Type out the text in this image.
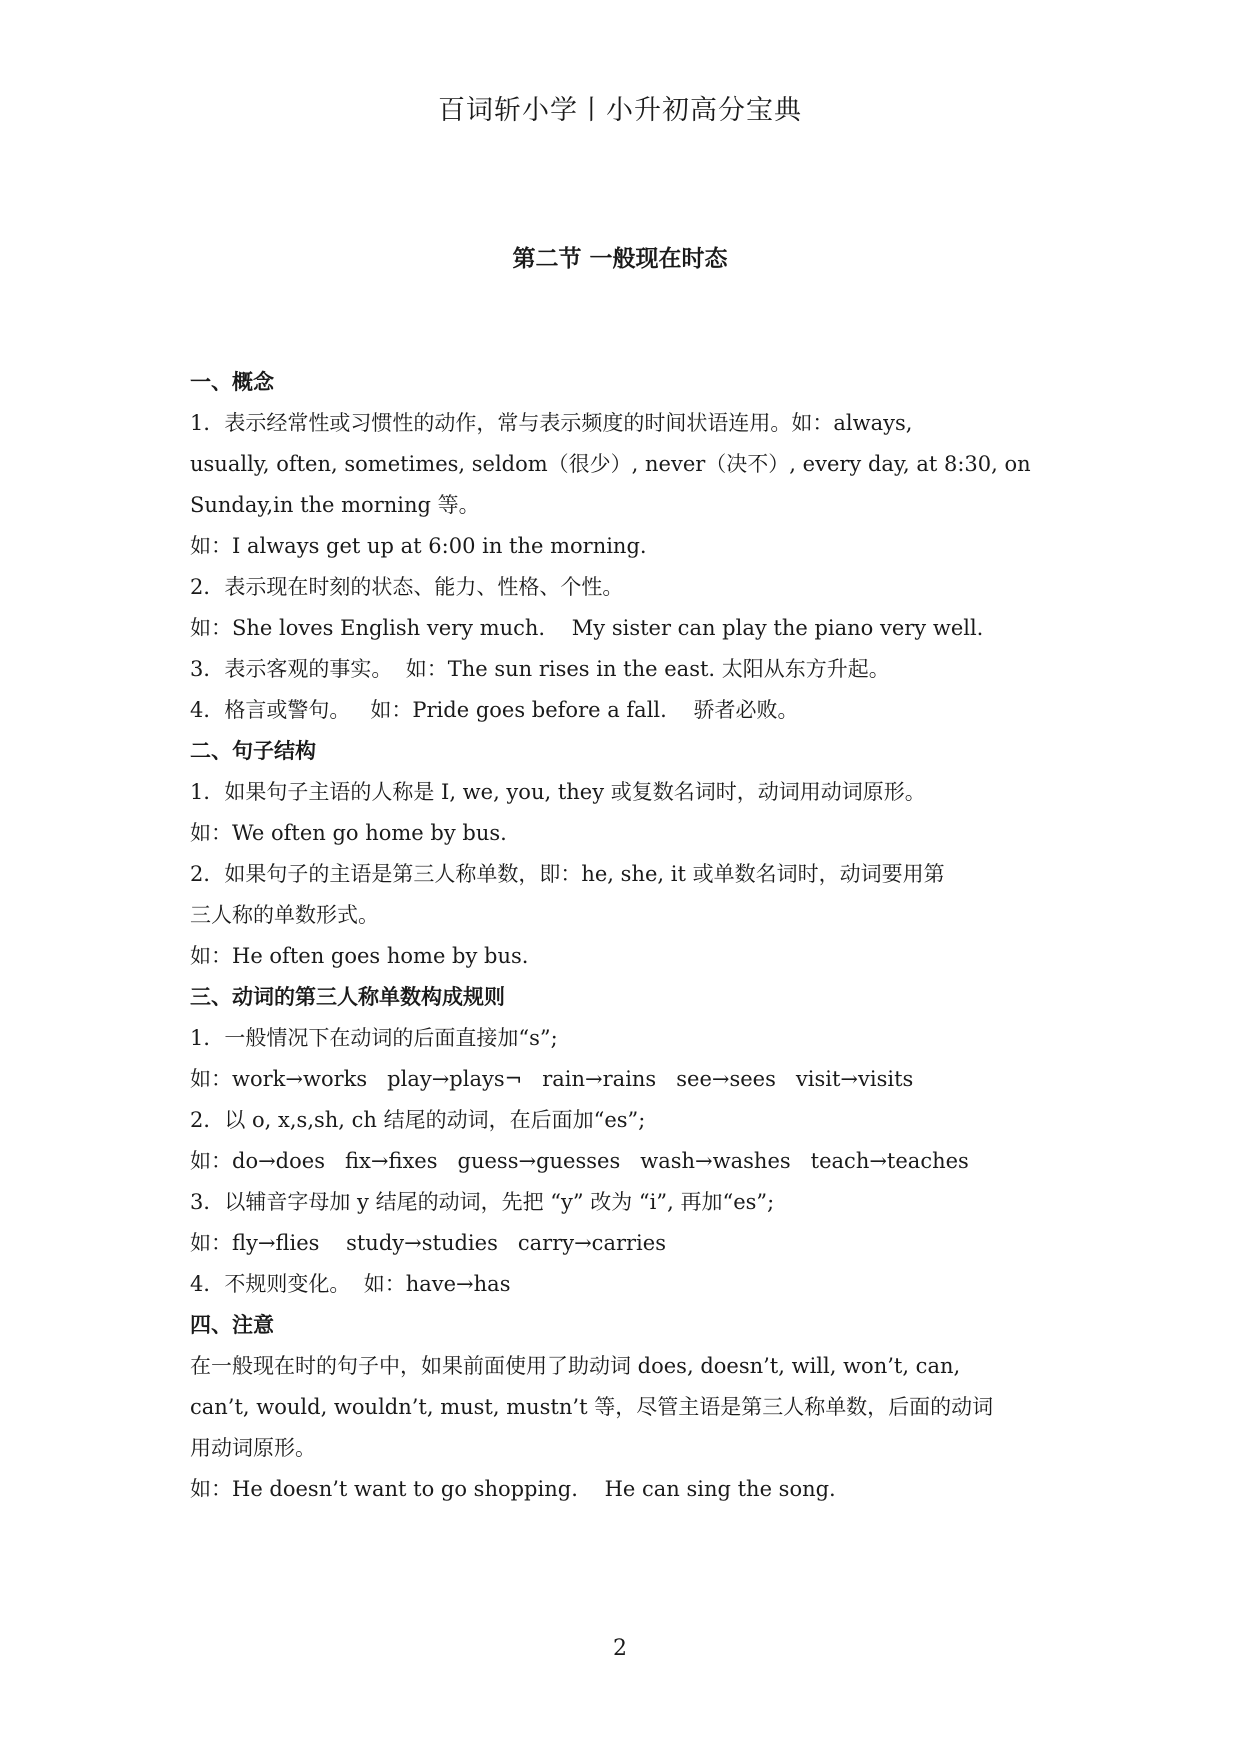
百词斩小学丨小升初高分宝典
第二节 一般现在时态
一、概念
1．表示经常性或习惯性的动作，常与表示频度的时间状语连用。如：always,
usually, often, sometimes, seldom（很少）, never（决不）, every day, at 8:30, on
Sunday,in the morning 等。
如：I always get up at 6:00 in the morning.
2．表示现在时刻的状态、能力、性格、个性。
如：She loves English very much.    My sister can play the piano very well.
3．表示客观的事实。  如：The sun rises in the east. 太阳从东方升起。
4．格言或警句。   如：Pride goes before a fall.    骄者必败。
二、句子结构
1．如果句子主语的人称是 I, we, you, they 或复数名词时，动词用动词原形。
如：We often go home by bus.
2．如果句子的主语是第三人称单数，即：he, she, it 或单数名词时，动词要用第
三人称的单数形式。
如：He often goes home by bus.
三、动词的第三人称单数构成规则
1．一般情况下在动词的后面直接加“s”;
如：work→works   play→plays¬   rain→rains   see→sees   visit→visits
2．以 o, x,s,sh, ch 结尾的动词，在后面加“es”;
如：do→does   fix→fixes   guess→guesses   wash→washes   teach→teaches
3．以辅音字母加 y 结尾的动词，先把 “y” 改为 “i”, 再加“es”;
如：fly→flies    study→studies   carry→carries
4．不规则变化。  如：have→has
四、注意
在一般现在时的句子中，如果前面使用了助动词 does, doesn’t, will, won’t, can,
can’t, would, wouldn’t, must, mustn’t 等，尽管主语是第三人称单数，后面的动词
用动词原形。
如：He doesn’t want to go shopping.    He can sing the song.
2
